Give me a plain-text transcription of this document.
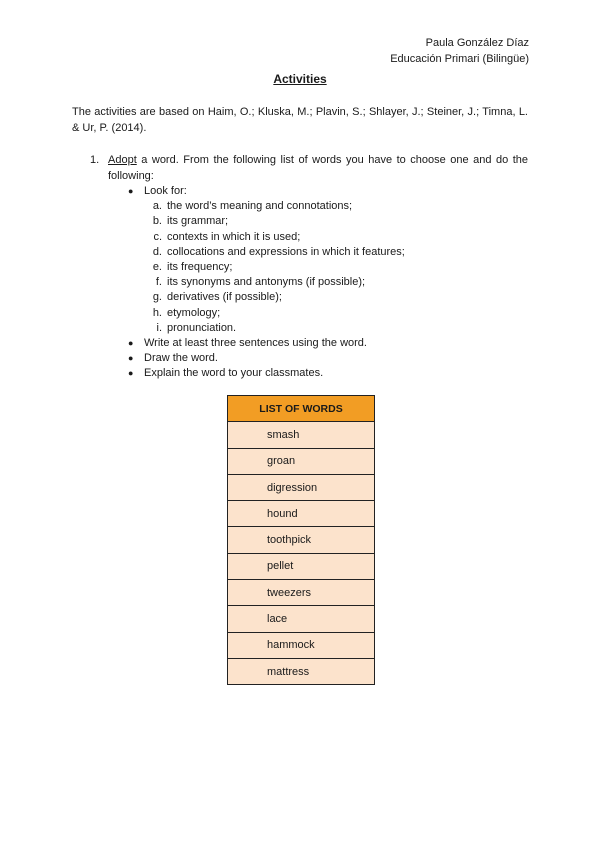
Paula González Díaz
Educación Primari (Bilingüe)
Activities
The activities are based on Haim, O.; Kluska, M.; Plavin, S.; Shlayer, J.; Steiner, J.; Timna, L. & Ur, P. (2014).
1. Adopt a word. From the following list of words you have to choose one and do the following:
● Look for:
a. the word’s meaning and connotations;
b. its grammar;
c. contexts in which it is used;
d. collocations and expressions in which it features;
e. its frequency;
f. its synonyms and antonyms (if possible);
g. derivatives (if possible);
h. etymology;
i. pronunciation.
● Write at least three sentences using the word.
● Draw the word.
● Explain the word to your classmates.
LIST OF WORDS
smash
groan
digression
hound
toothpick
pellet
tweezers
lace
hammock
mattress
